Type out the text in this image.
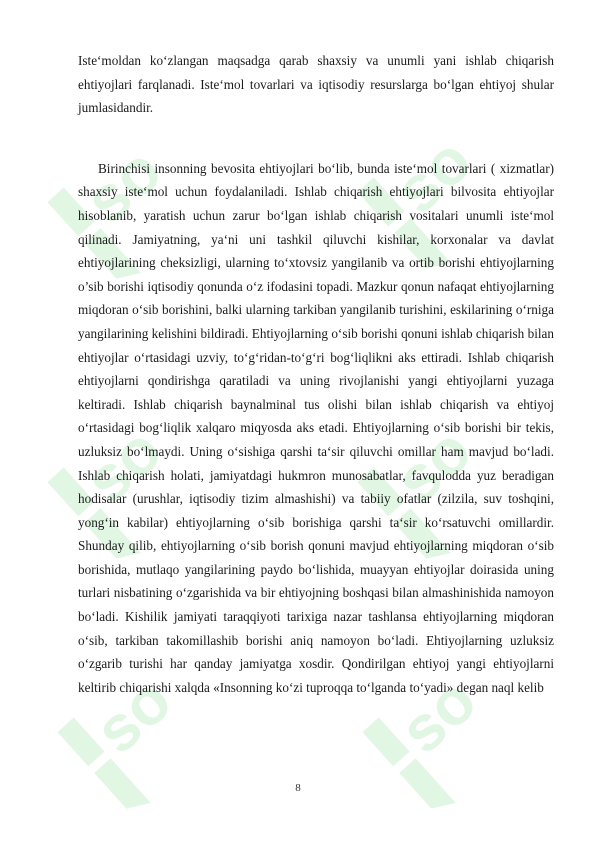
so	so
so	so
so	so

Iste‘moldan ko‘zlangan maqsadga qarab shaxsiy va unumli yani ishlab chiqarish ehtiyojlari farqlanadi. Iste‘mol tovarlari va iqtisodiy resurslarga bo‘lgan ehtiyoj shular jumlasidandir.

Birinchisi insonning bevosita ehtiyojlari bo‘lib, bunda iste‘mol tovarlari ( xizmatlar) shaxsiy iste‘mol uchun foydalaniladi. Ishlab chiqarish ehtiyojlari bilvosita ehtiyojlar hisoblanib, yaratish uchun zarur bo‘lgan ishlab chiqarish vositalari unumli iste‘mol qilinadi. Jamiyatning, ya‘ni uni tashkil qiluvchi kishilar, korxonalar va davlat ehtiyojlarining cheksizligi, ularning to‘xtovsiz yangilanib va ortib borishi ehtiyojlarning o’sib borishi iqtisodiy qonunda o‘z ifodasini topadi. Mazkur qonun nafaqat ehtiyojlarning miqdoran o‘sib borishini, balki ularning tarkiban yangilanib turishini, eskilarining o‘rniga yangilarining kelishini bildiradi. Ehtiyojlarning o‘sib borishi qonuni ishlab chiqarish bilan ehtiyojlar o‘rtasidagi uzviy, to‘g‘ridan-to‘g‘ri bog‘liqlikni aks ettiradi. Ishlab chiqarish ehtiyojlarni qondirishga qaratiladi va uning rivojlanishi yangi ehtiyojlarni yuzaga keltiradi. Ishlab chiqarish baynalminal tus olishi bilan ishlab chiqarish va ehtiyoj o‘rtasidagi bog‘liqlik xalqaro miqyosda aks etadi. Ehtiyojlarning o‘sib borishi bir tekis, uzluksiz bo‘lmaydi. Uning o‘sishiga qarshi ta‘sir qiluvchi omillar ham mavjud bo‘ladi. Ishlab chiqarish holati, jamiyatdagi hukmron munosabatlar, favqulodda yuz beradigan hodisalar (urushlar, iqtisodiy tizim almashishi) va tabiiy ofatlar (zilzila, suv toshqini, yong‘in kabilar) ehtiyojlarning o‘sib borishiga qarshi ta‘sir ko‘rsatuvchi omillardir. Shunday qilib, ehtiyojlarning o‘sib borish qonuni mavjud ehtiyojlarning miqdoran o‘sib borishida, mutlaqo yangilarining paydo bo‘lishida, muayyan ehtiyojlar doirasida uning turlari nisbatining o‘zgarishida va bir ehtiyojning boshqasi bilan almashinishida namoyon bo‘ladi. Kishilik jamiyati taraqqiyoti tarixiga nazar tashlansa ehtiyojlarning miqdoran o‘sib, tarkiban takomillashib borishi aniq namoyon bo‘ladi. Ehtiyojlarning uzluksiz o‘zgarib turishi har qanday jamiyatga xosdir. Qondirilgan ehtiyoj yangi ehtiyojlarni keltirib chiqarishi xalqda «Insonning ko‘zi tuproqqa to‘lganda to‘yadi» degan naql kelib

8
